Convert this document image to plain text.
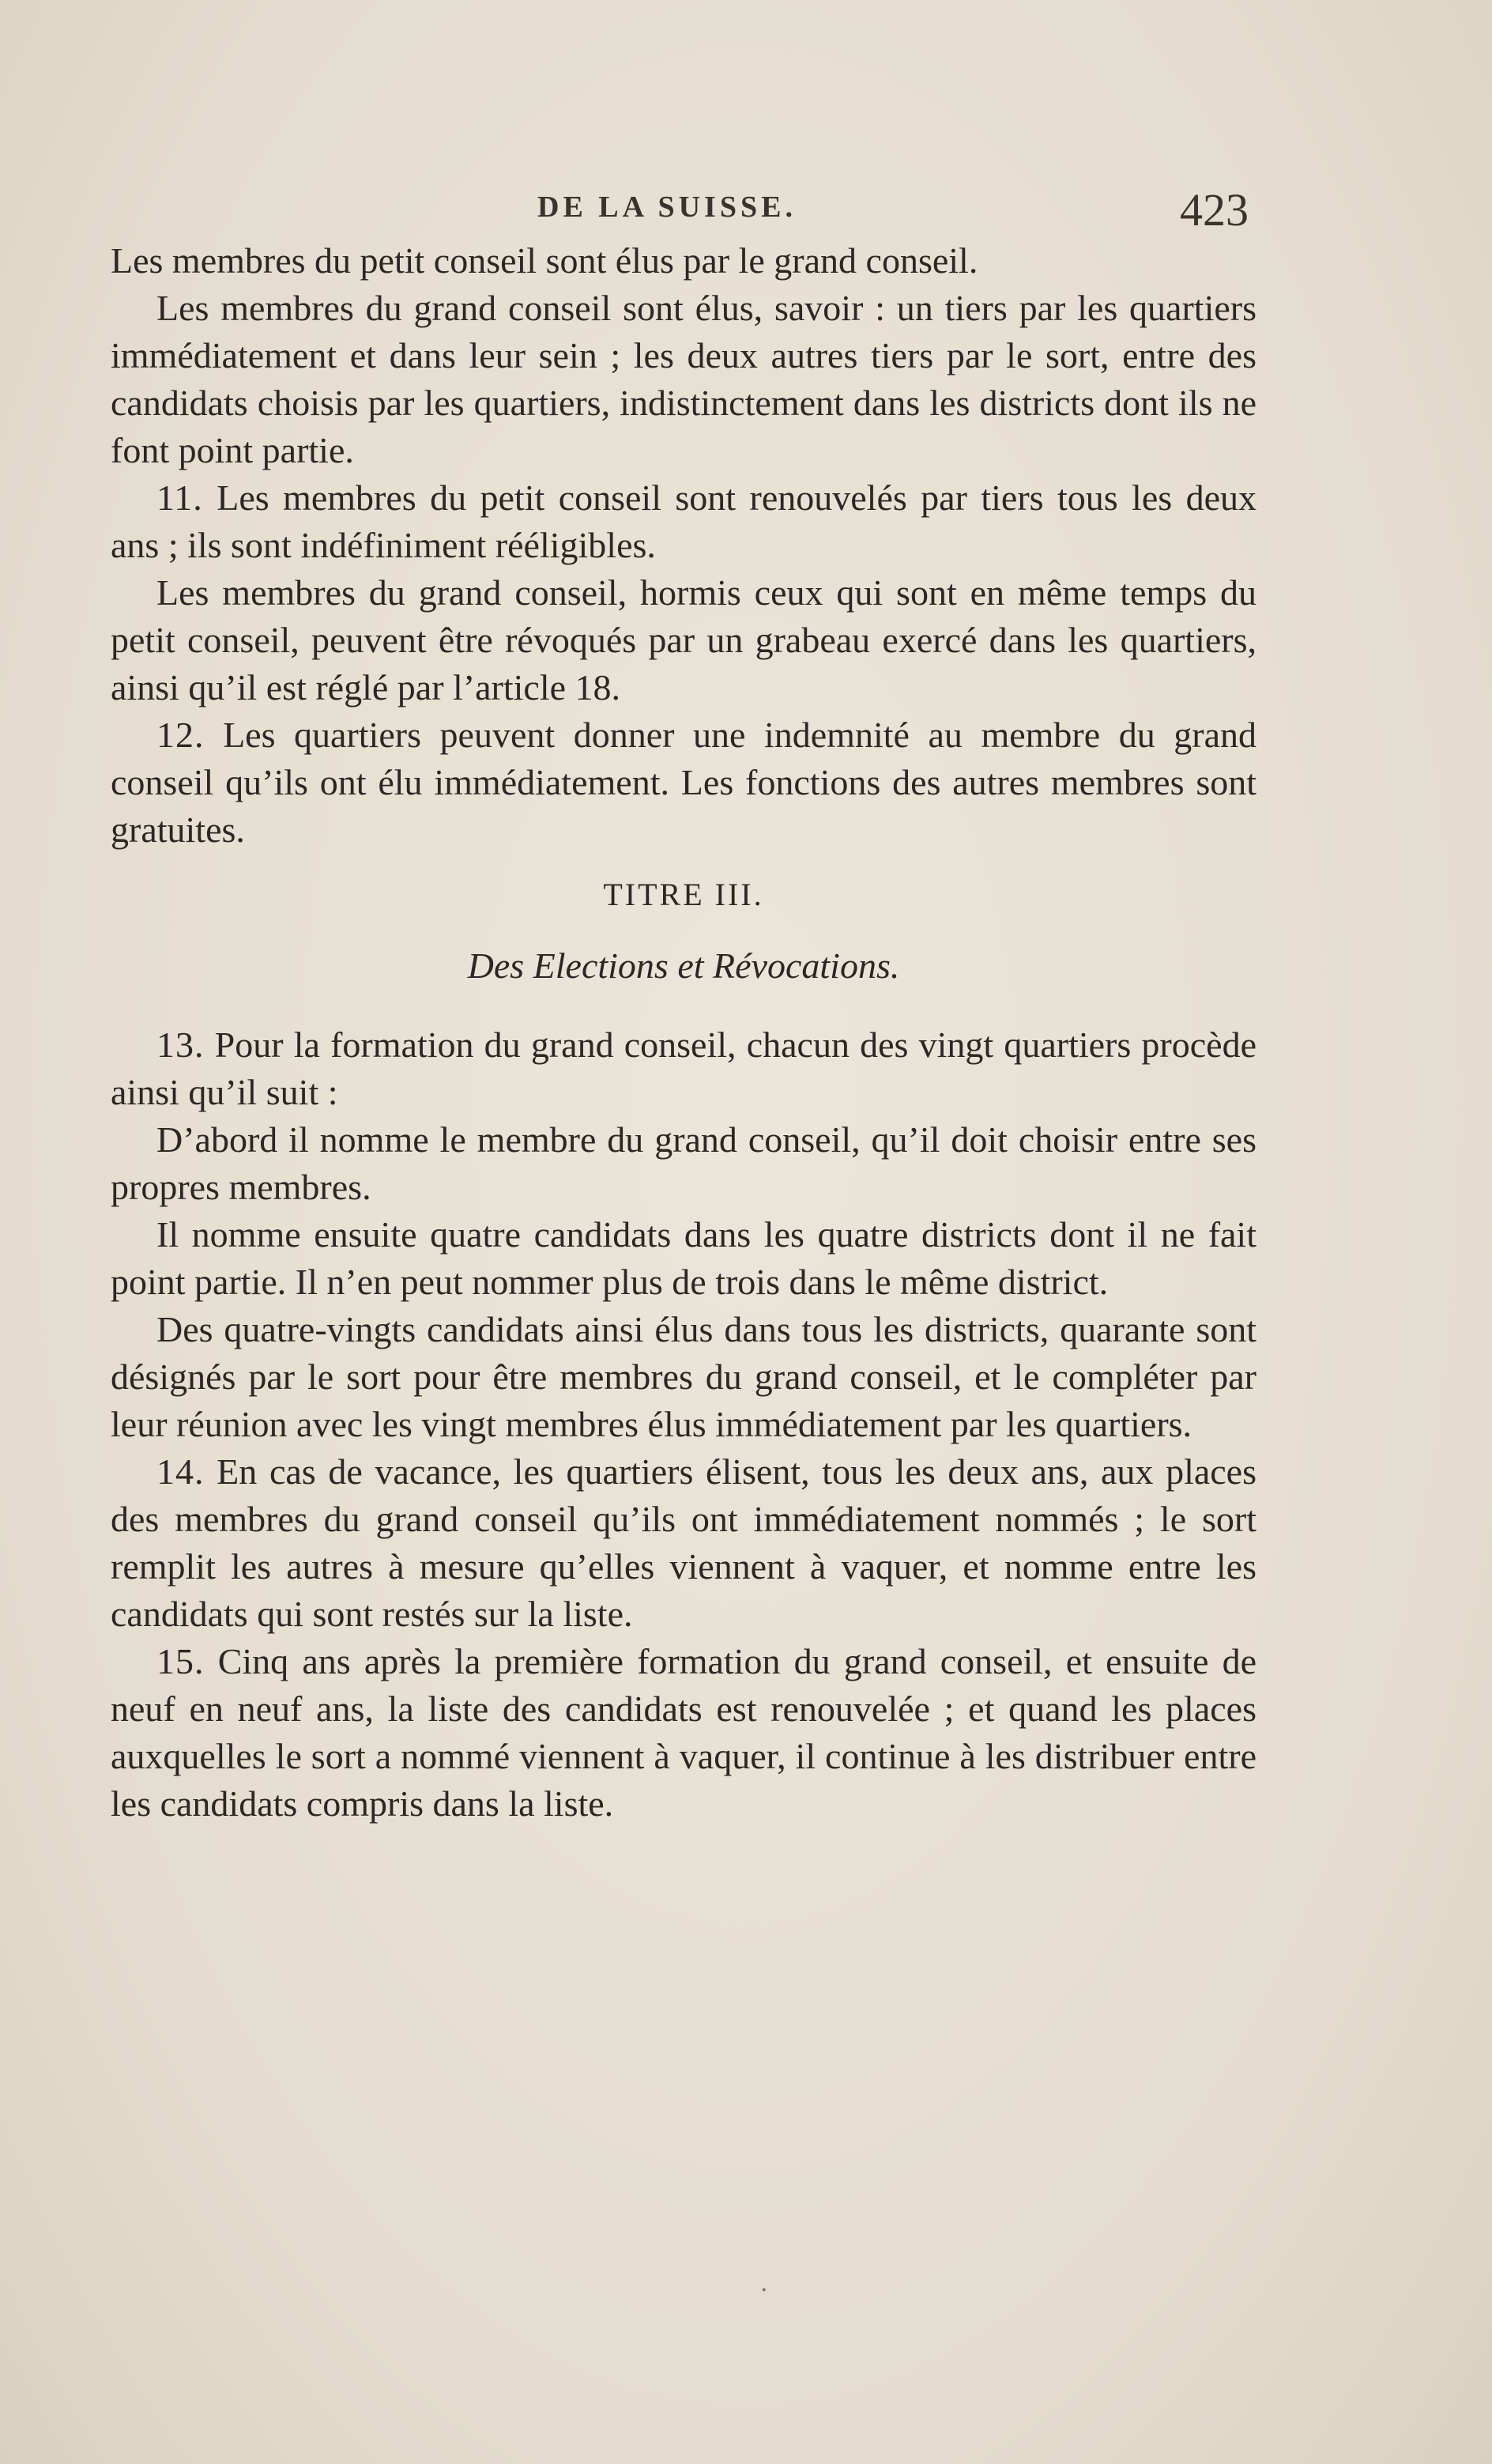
DE LA SUISSE.	423

Les membres du petit conseil sont élus par le grand conseil.

Les membres du grand conseil sont élus, savoir : un tiers par les quartiers immédiatement et dans leur sein ; les deux autres tiers par le sort, entre des candidats choisis par les quartiers, indistinctement dans les districts dont ils ne font point partie.

11. Les membres du petit conseil sont renouvelés par tiers tous les deux ans ; ils sont indéfiniment rééligibles.

Les membres du grand conseil, hormis ceux qui sont en même temps du petit conseil, peuvent être révoqués par un grabeau exercé dans les quartiers, ainsi qu’il est réglé par l’article 18.

12. Les quartiers peuvent donner une indemnité au membre du grand conseil qu’ils ont élu immédiatement. Les fonctions des autres membres sont gratuites.

TITRE III.
Des Elections et Révocations.

13. Pour la formation du grand conseil, chacun des vingt quartiers procède ainsi qu’il suit :

D’abord il nomme le membre du grand conseil, qu’il doit choisir entre ses propres membres.

Il nomme ensuite quatre candidats dans les quatre districts dont il ne fait point partie. Il n’en peut nommer plus de trois dans le même district.

Des quatre-vingts candidats ainsi élus dans tous les districts, quarante sont désignés par le sort pour être membres du grand conseil, et le compléter par leur réunion avec les vingt membres élus immédiatement par les quartiers.

14. En cas de vacance, les quartiers élisent, tous les deux ans, aux places des membres du grand conseil qu’ils ont immédiatement nommés ; le sort remplit les autres à mesure qu’elles viennent à vaquer, et nomme entre les candidats qui sont restés sur la liste.

15. Cinq ans après la première formation du grand conseil, et ensuite de neuf en neuf ans, la liste des candidats est renouvelée ; et quand les places auxquelles le sort a nommé viennent à vaquer, il continue à les distribuer entre les candidats compris dans la liste.

·
